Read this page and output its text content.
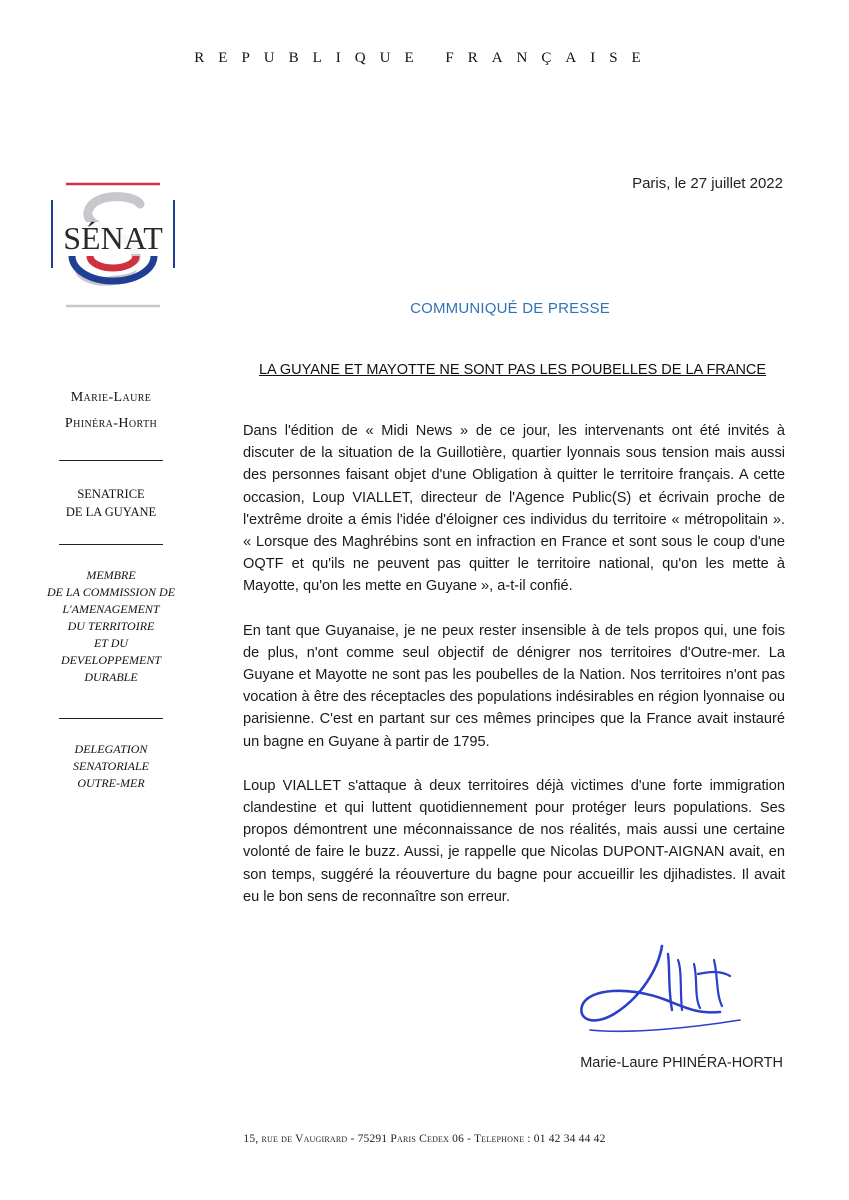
REPUBLIQUE FRANÇAISE
Paris, le 27 juillet 2022
SÉNAT
COMMUNIQUÉ DE PRESSE
LA GUYANE ET MAYOTTE NE SONT PAS LES POUBELLES DE LA FRANCE
Marie-Laure
Phinéra-Horth
SENATRICE
DE LA GUYANE
MEMBRE
DE LA COMMISSION DE
L'AMENAGEMENT
DU TERRITOIRE
ET DU
DEVELOPPEMENT
DURABLE
DELEGATION
SENATORIALE
OUTRE-MER

Dans l'édition de « Midi News » de ce jour, les intervenants ont été invités à discuter de la situation de la Guillotière, quartier lyonnais sous tension mais aussi des personnes faisant objet d'une Obligation à quitter le territoire français. A cette occasion, Loup VIALLET, directeur de l'Agence Public(S) et écrivain proche de l'extrême droite a émis l'idée d'éloigner ces individus du territoire « métropolitain ». « Lorsque des Maghrébins sont en infraction en France et sont sous le coup d'une OQTF et qu'ils ne peuvent pas quitter le territoire national, qu'on les mette à Mayotte, qu'on les mette en Guyane », a-t-il confié.

En tant que Guyanaise, je ne peux rester insensible à de tels propos qui, une fois de plus, n'ont comme seul objectif de dénigrer nos territoires d'Outre-mer. La Guyane et Mayotte ne sont pas les poubelles de la Nation. Nos territoires n'ont pas vocation à être des réceptacles des populations indésirables en région lyonnaise ou parisienne. C'est en partant sur ces mêmes principes que la France avait instauré un bagne en Guyane à partir de 1795.

Loup VIALLET s'attaque à deux territoires déjà victimes d'une forte immigration clandestine et qui luttent quotidiennement pour protéger leurs populations. Ses propos démontrent une méconnaissance de nos réalités, mais aussi une certaine volonté de faire le buzz. Aussi, je rappelle que Nicolas DUPONT-AIGNAN avait, en son temps, suggéré la réouverture du bagne pour accueillir les djihadistes. Il avait eu le bon sens de reconnaître son erreur.

Marie-Laure PHINÉRA-HORTH
15, rue de Vaugirard - 75291 Paris Cedex 06 - Telephone : 01 42 34 44 42
